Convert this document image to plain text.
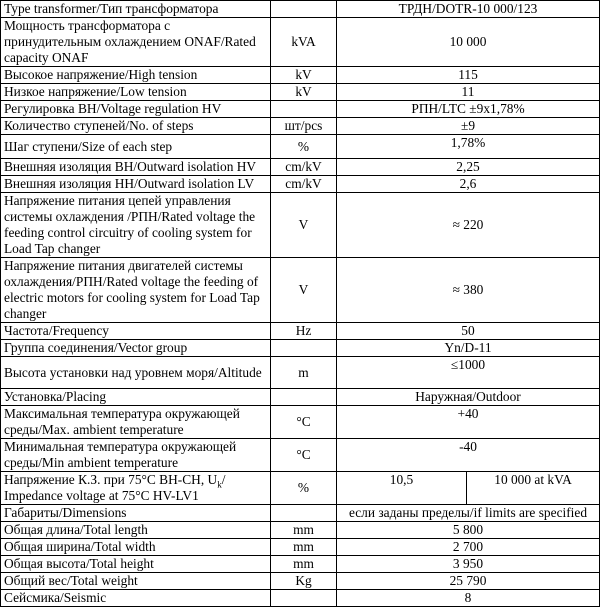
Type transformer/Тип трансформатора		ТРДН/DOTR-10 000/123	
Мощность трансформатора с принудительным охлаждением ONAF/Rated capacity ONAF	kVA	10 000	
Высокое напряжение/High tension	kV	115	
Низкое напряжение/Low tension	kV	11	
Регулировка ВН/Voltage regulation HV		РПН/LTC ±9х1,78%	
Количество ступеней/No. of steps	шт/pcs	±9	
Шаг ступени/Size of each step	%	1,78%	
Внешняя изоляция ВН/Outward isolation HV	cm/kV	2,25	
Внешняя изоляция НН/Outward isolation LV	cm/kV	2,6	
Напряжение питания цепей управления системы охлаждения /РПН/Rated voltage the feeding control circuitry of cooling system for Load Tap changer	V	≈ 220	
Напряжение питания двигателей системы охлаждения/РПН/Rated voltage the feeding of electric motors for cooling system for Load Tap changer	V	≈ 380	
Частота/Frequency	Hz	50	
Группа соединения/Vector group		Yn/D-11	
Высота установки над уровнем моря/Altitude	m	≤1000	
Установка/Placing		Наружная/Outdoor	
Максимальная температура окружающей среды/Max. ambient temperature	°C	+40	
Минимальная температура окружающей среды/Min ambient temperature	°C	-40	
Напряжение К.З. при 75°С ВН-СН, $U_k/$ Impedance voltage at 75°C HV-LV1	%	10,5	10 000 at kVA
Габариты/Dimensions		если заданы пределы/if limits are specified	
Общая длина/Total length	mm	5 800	
Общая ширина/Total width	mm	2 700	
Общая высота/Total height	mm	3 950	
Общий вес/Total weight	Kg	25 790	
Сейсмика/Seismic		8	
